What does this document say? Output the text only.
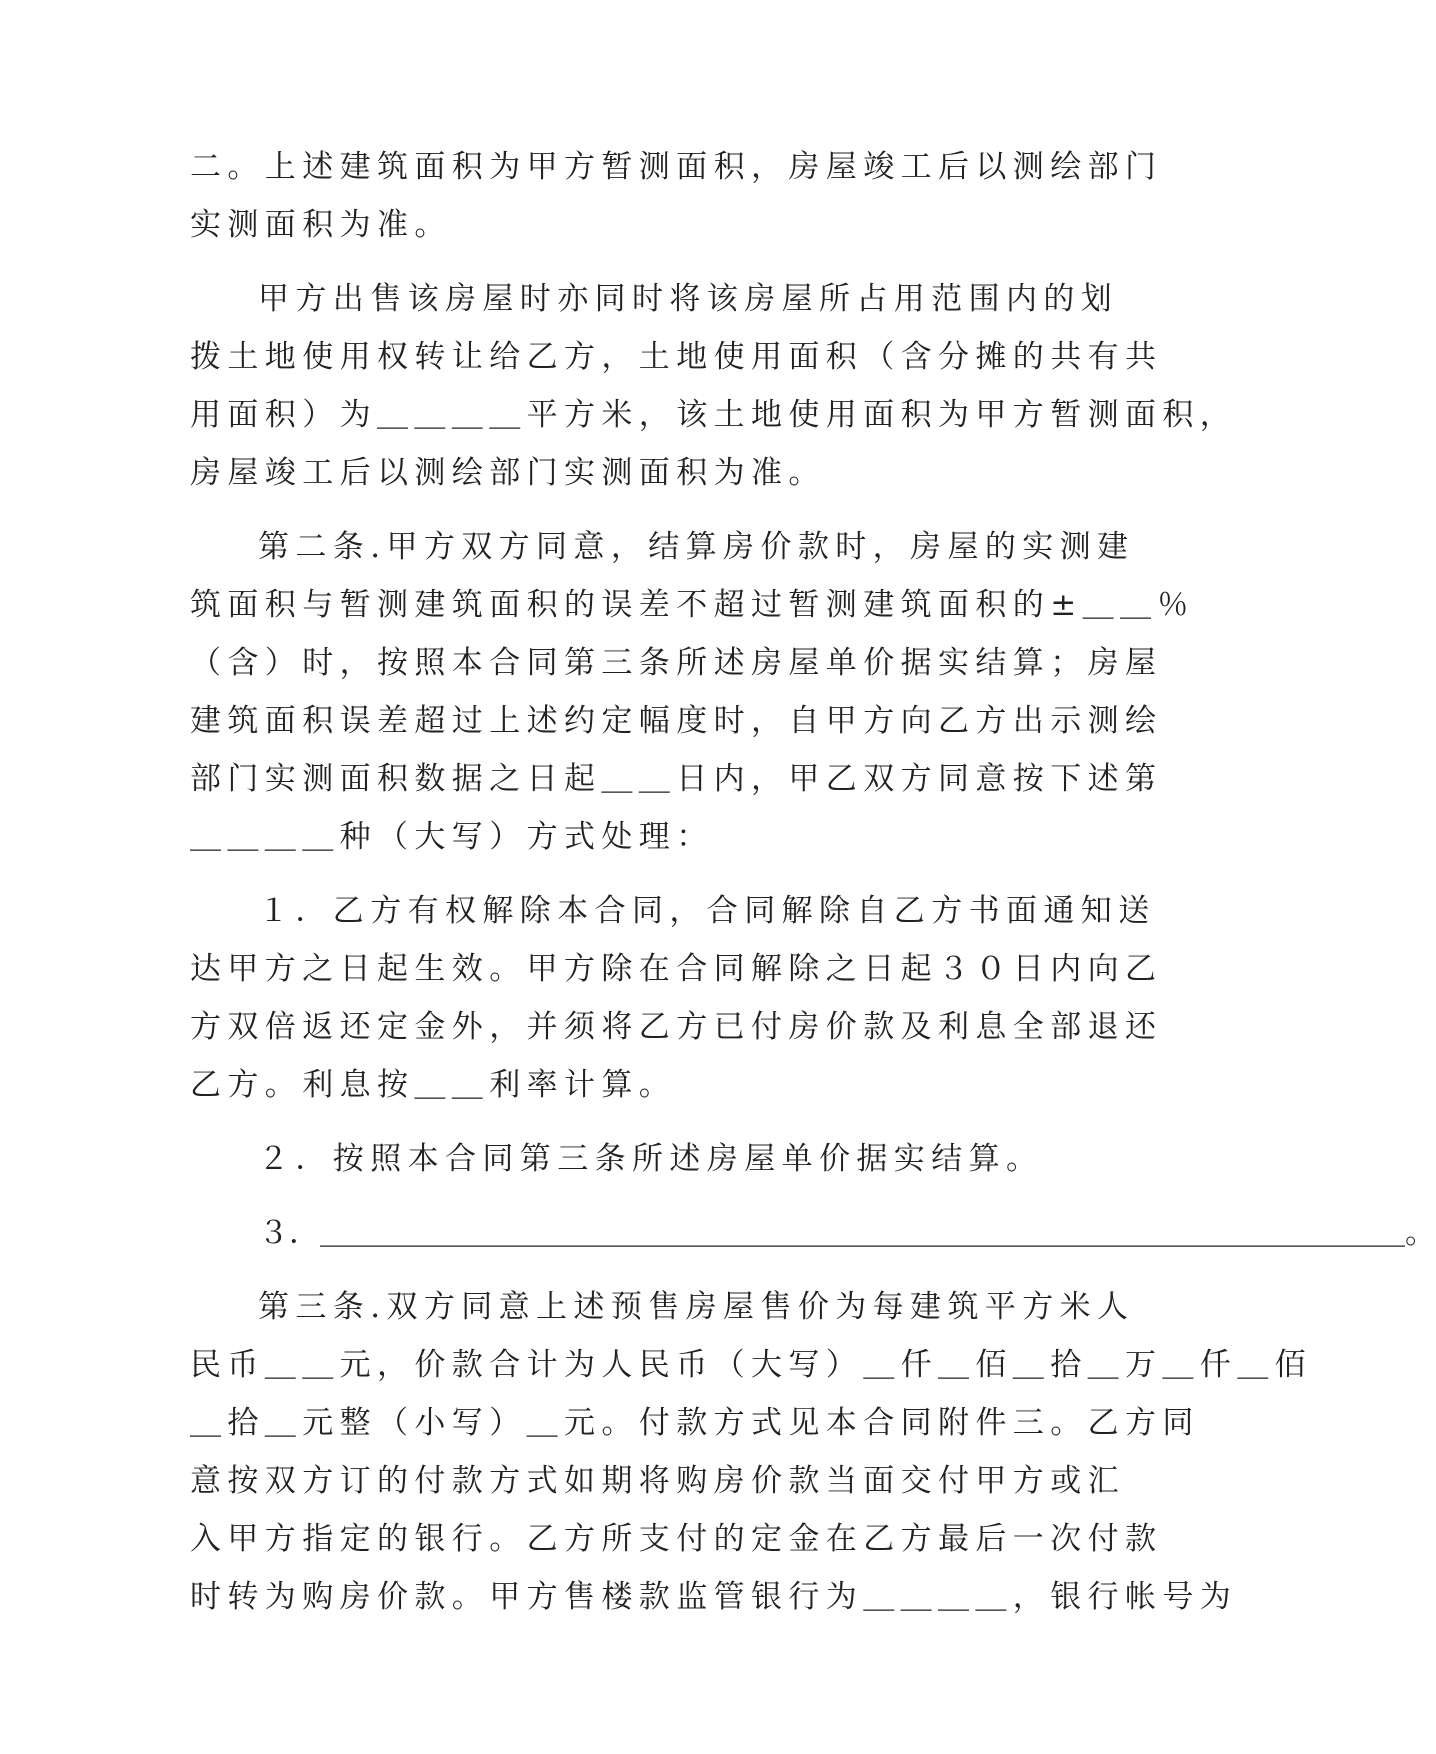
二。上述建筑面积为甲方暂测面积，房屋竣工后以测绘部门
实测面积为准。
甲方出售该房屋时亦同时将该房屋所占用范围内的划
拨土地使用权转让给乙方，土地使用面积（含分摊的共有共
用面积）为＿＿＿＿平方米，该土地使用面积为甲方暂测面积，
房屋竣工后以测绘部门实测面积为准。
第二条.甲方双方同意，结算房价款时，房屋的实测建
筑面积与暂测建筑面积的误差不超过暂测建筑面积的±＿＿％
（含）时，按照本合同第三条所述房屋单价据实结算；房屋
建筑面积误差超过上述约定幅度时，自甲方向乙方出示测绘
部门实测面积数据之日起＿＿日内，甲乙双方同意按下述第
＿＿＿＿种（大写）方式处理：
１．乙方有权解除本合同，合同解除自乙方书面通知送
达甲方之日起生效。甲方除在合同解除之日起３０日内向乙
方双倍返还定金外，并须将乙方已付房价款及利息全部退还
乙方。利息按＿＿利率计算。
２．按照本合同第三条所述房屋单价据实结算。
３．＿＿＿＿＿＿＿＿＿＿＿＿＿＿＿＿＿＿＿＿＿＿＿＿＿＿＿＿＿＿＿＿＿＿＿。
第三条.双方同意上述预售房屋售价为每建筑平方米人
民币＿＿元，价款合计为人民币（大写）＿仟＿佰＿拾＿万＿仟＿佰
＿拾＿元整（小写）＿元。付款方式见本合同附件三。乙方同
意按双方订的付款方式如期将购房价款当面交付甲方或汇
入甲方指定的银行。乙方所支付的定金在乙方最后一次付款
时转为购房价款。甲方售楼款监管银行为＿＿＿＿，银行帐号为
